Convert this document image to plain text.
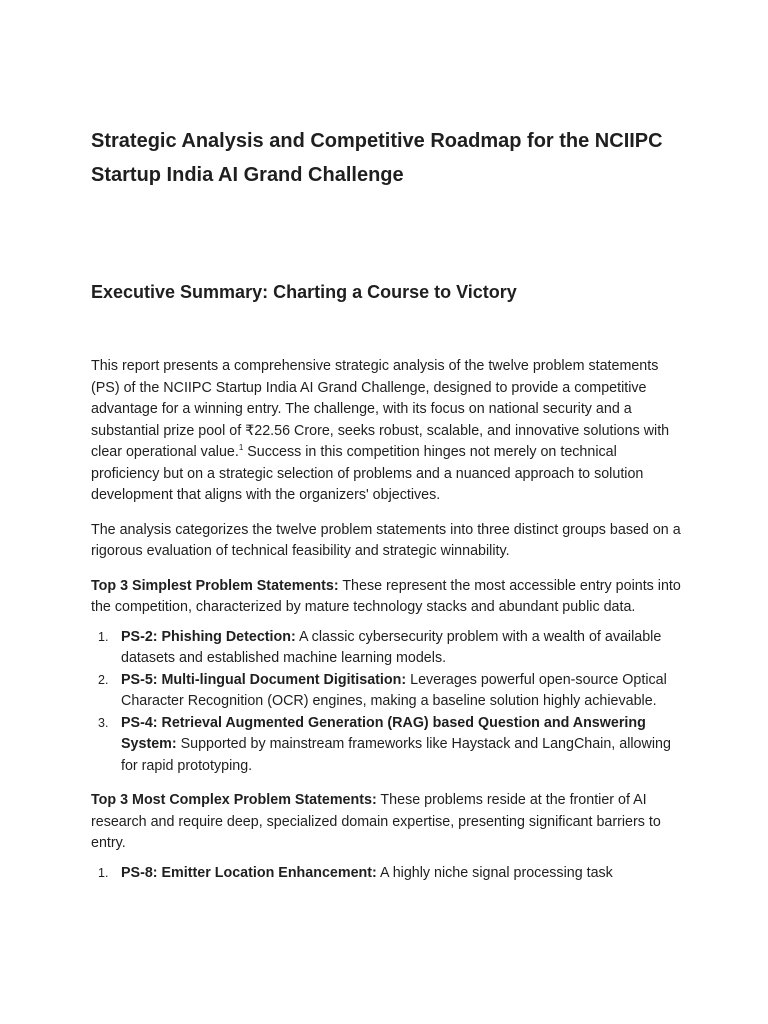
Strategic Analysis and Competitive Roadmap for the NCIIPC Startup India AI Grand Challenge
Executive Summary: Charting a Course to Victory

This report presents a comprehensive strategic analysis of the twelve problem statements (PS) of the NCIIPC Startup India AI Grand Challenge, designed to provide a competitive advantage for a winning entry. The challenge, with its focus on national security and a substantial prize pool of ₹22.56 Crore, seeks robust, scalable, and innovative solutions with clear operational value.$^1$ Success in this competition hinges not merely on technical proficiency but on a strategic selection of problems and a nuanced approach to solution development that aligns with the organizers' objectives.

The analysis categorizes the twelve problem statements into three distinct groups based on a rigorous evaluation of technical feasibility and strategic winnability.

Top 3 Simplest Problem Statements: These represent the most accessible entry points into the competition, characterized by mature technology stacks and abundant public data.

1. PS-2: Phishing Detection: A classic cybersecurity problem with a wealth of available datasets and established machine learning models.
2. PS-5: Multi-lingual Document Digitisation: Leverages powerful open-source Optical Character Recognition (OCR) engines, making a baseline solution highly achievable.
3. PS-4: Retrieval Augmented Generation (RAG) based Question and Answering System: Supported by mainstream frameworks like Haystack and LangChain, allowing for rapid prototyping.

Top 3 Most Complex Problem Statements: These problems reside at the frontier of AI research and require deep, specialized domain expertise, presenting significant barriers to entry.

1. PS-8: Emitter Location Enhancement: A highly niche signal processing task
